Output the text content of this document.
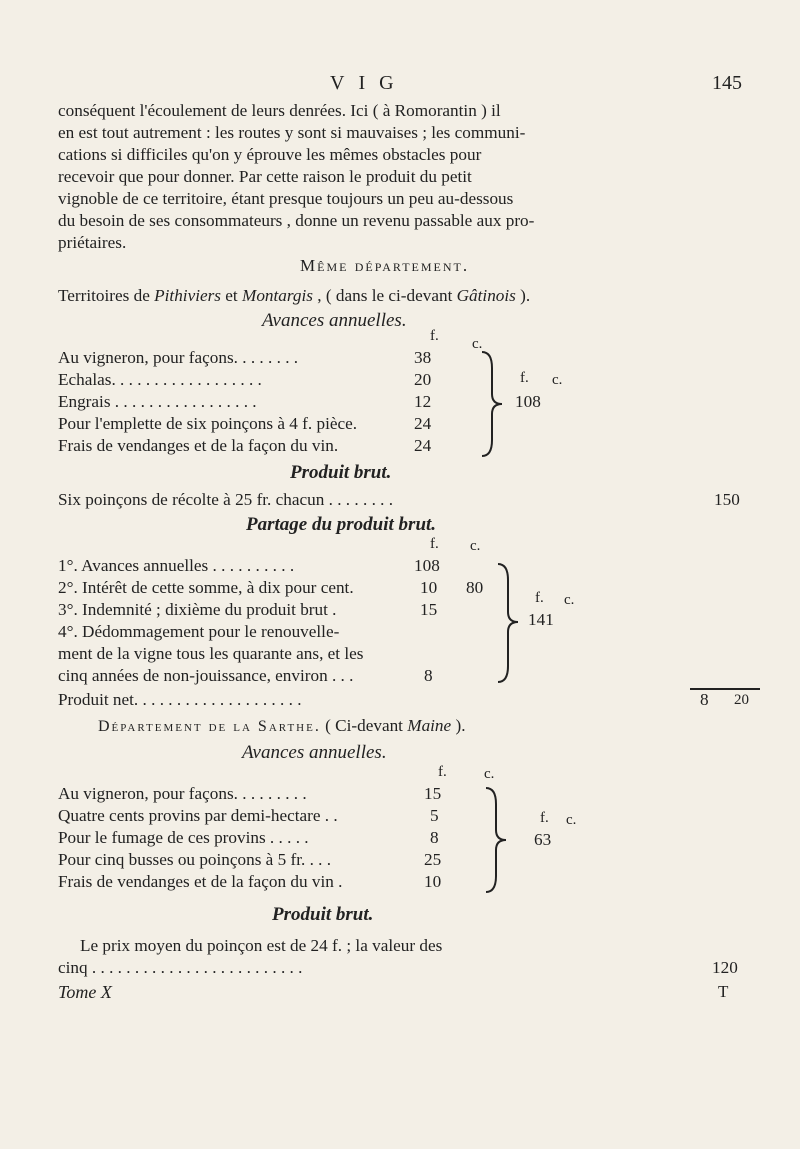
VIG	145

conséquent l'écoulement de leurs denrées. Ici ( à Romorantin ) il

en est tout autrement : les routes y sont si mauvaises ; les communi-

cations si difficiles qu'on y éprouve les mêmes obstacles pour

recevoir que pour donner. Par cette raison le produit du petit

vignoble de ce territoire, étant presque toujours un peu au-dessous

du besoin de ses consommateurs , donne un revenu passable aux pro-

priétaires.

Même département.
Territoires de Pithiviers et Montargis , ( dans le ci-devant Gâtinois ).
Avances annuelles.
f. c.
Au vigneron, pour façons. . . . . . . .	38
Echalas. . . . . . . . . . . . . . . . . .	20
Engrais . . . . . . . . . . . . . . . . .	12
Pour l'emplette de six poinçons à 4 f. pièce.	24
Frais de vendanges et de la façon du vin.	24
f. c.
108
Produit brut.
Six poinçons de récolte à 25 fr. chacun . . . . . . . .	150
Partage du produit brut.
f. c.
1°. Avances annuelles . . . . . . . . . .	108
2°. Intérêt de cette somme, à dix pour cent.	10 80
3°. Indemnité ; dixième du produit brut .	15
4°. Dédommagement pour le renouvelle-
ment de la vigne tous les quarante ans, et les
cinq années de non-jouissance, environ . . .	8
f. c.
141
Produit net. . . . . . . . . . . . . . . . . . . .	8 20
Département de la Sarthe. ( Ci-devant Maine ).
Avances annuelles.
f. c.
Au vigneron, pour façons. . . . . . . . .	15
Quatre cents provins par demi-hectare . .	5
Pour le fumage de ces provins . . . . .	8
Pour cinq busses ou poinçons à 5 fr. . . .	25
Frais de vendanges et de la façon du vin .	10
f. c.
63
Produit brut.
Le prix moyen du poinçon est de 24 f. ; la valeur des
cinq . . . . . . . . . . . . . . . . . . . . . . . . .	120
Tome X	T
